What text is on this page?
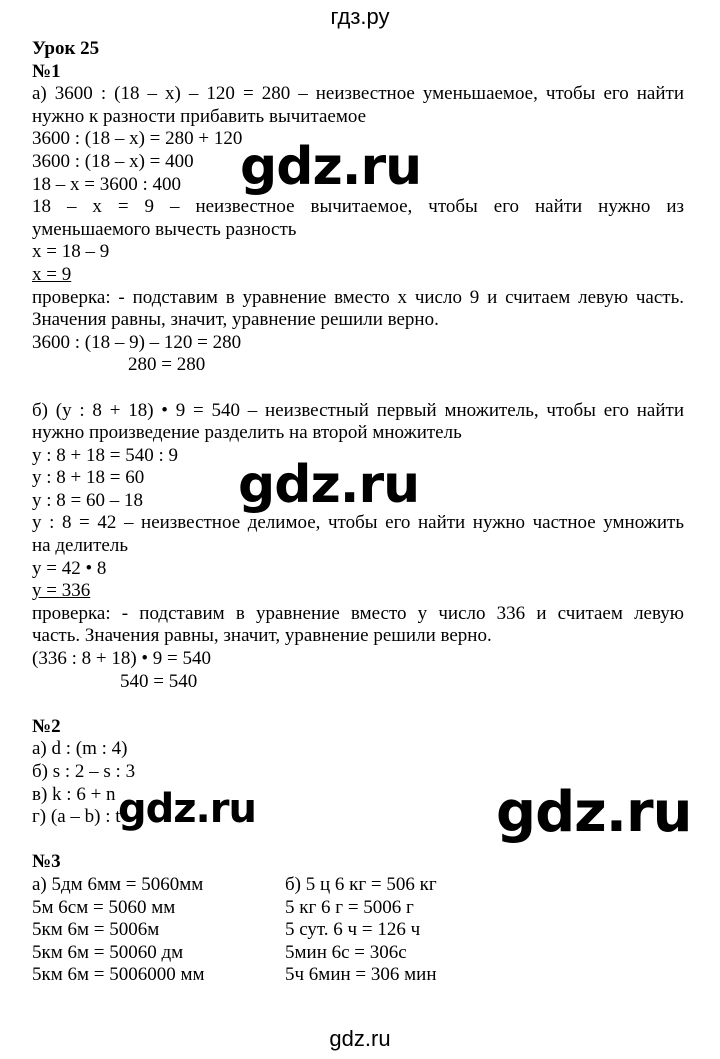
гдз.ру
Урок 25
№1
а) 3600 : (18 – х) – 120 = 280 – неизвестное уменьшаемое, чтобы его найти
нужно к разности прибавить вычитаемое
3600 : (18 – х) = 280 + 120
3600 : (18 – х) = 400
18 – х = 3600 : 400
18 – х = 9 – неизвестное вычитаемое, чтобы его найти нужно из
уменьшаемого вычесть разность
х = 18 – 9
х = 9
проверка: - подставим в уравнение вместо х число 9 и считаем левую часть.
Значения равны, значит, уравнение решили верно.
3600 : (18 – 9) – 120 = 280
280 = 280
б) (у : 8 + 18) • 9 = 540 – неизвестный первый множитель, чтобы его найти
нужно произведение разделить на второй множитель
у : 8 + 18 = 540 : 9
у : 8 + 18 = 60
у : 8 = 60 – 18
у : 8 = 42 – неизвестное делимое, чтобы его найти нужно частное умножить
на делитель
у = 42 • 8
у = 336
проверка: - подставим в уравнение вместо у число 336 и считаем левую
часть. Значения равны, значит, уравнение решили верно.
(336 : 8 + 18) • 9 = 540
540 = 540
№2
а) d : (m : 4)
б) s : 2 – s : 3
в) k : 6 + n
г) (a – b) : t
№3
а) 5дм 6мм = 5060мм
5м 6см = 5060 мм
5км 6м = 5006м
5км 6м = 50060 дм
5км 6м = 5006000 мм
б) 5 ц 6 кг = 506 кг
5 кг 6 г = 5006 г
5 сут. 6 ч = 126 ч
5мин 6с = 306с
5ч 6мин = 306 мин
gdz.ru
gdz.ru
gdz.ru	gdz.ru
gdz.ru
